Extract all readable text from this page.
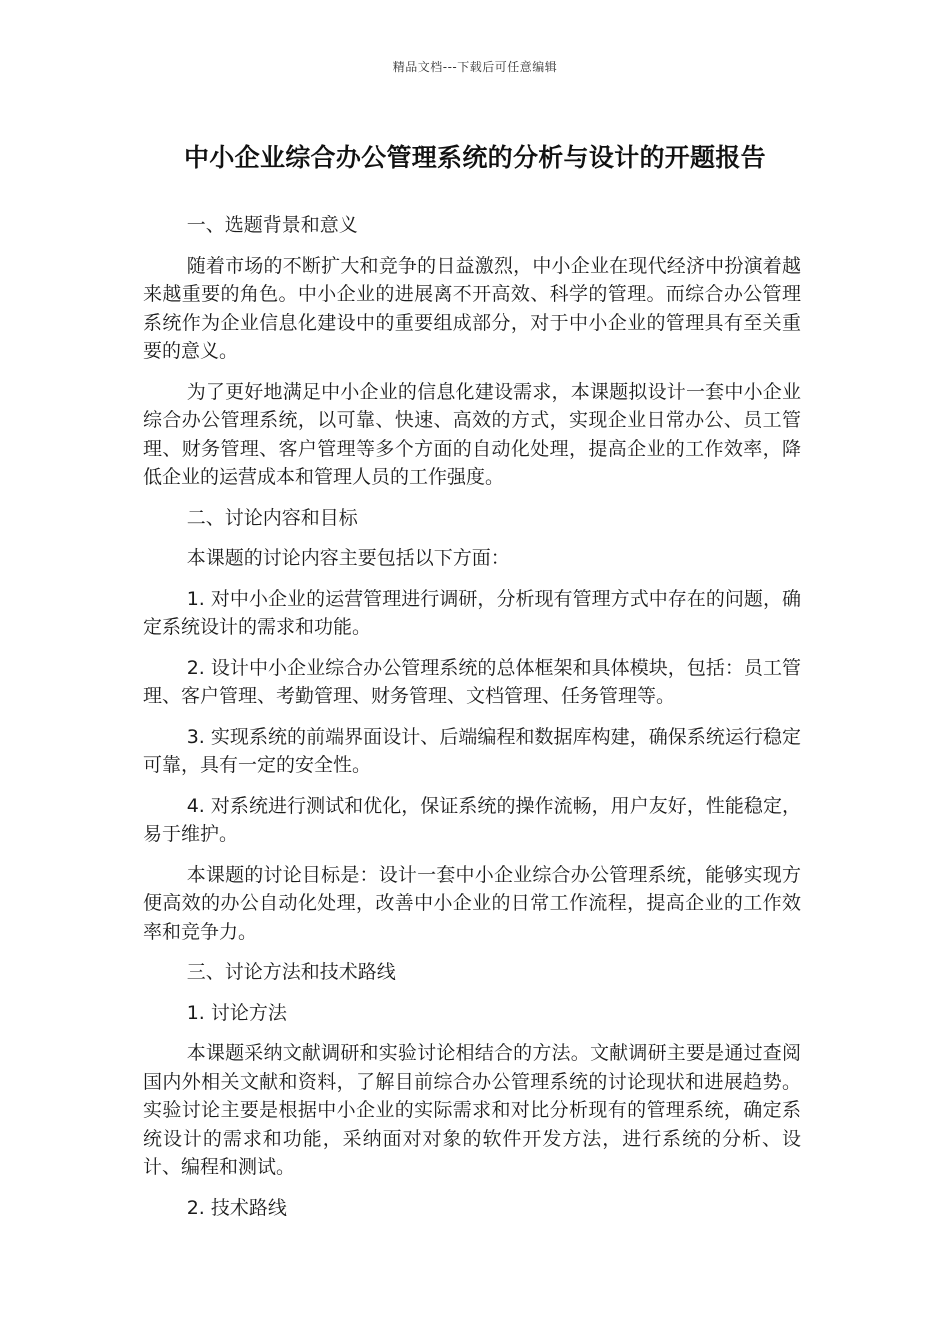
精品文档---下载后可任意编辑
中小企业综合办公管理系统的分析与设计的开题报告

一、选题背景和意义

随着市场的不断扩大和竞争的日益激烈，中小企业在现代经济中扮演着越来越重要的角色。中小企业的进展离不开高效、科学的管理。而综合办公管理系统作为企业信息化建设中的重要组成部分，对于中小企业的管理具有至关重要的意义。

为了更好地满足中小企业的信息化建设需求，本课题拟设计一套中小企业综合办公管理系统，以可靠、快速、高效的方式，实现企业日常办公、员工管理、财务管理、客户管理等多个方面的自动化处理，提高企业的工作效率，降低企业的运营成本和管理人员的工作强度。

二、讨论内容和目标

本课题的讨论内容主要包括以下方面：

1. 对中小企业的运营管理进行调研，分析现有管理方式中存在的问题，确定系统设计的需求和功能。

2. 设计中小企业综合办公管理系统的总体框架和具体模块，包括：员工管理、客户管理、考勤管理、财务管理、文档管理、任务管理等。

3. 实现系统的前端界面设计、后端编程和数据库构建，确保系统运行稳定可靠，具有一定的安全性。

4. 对系统进行测试和优化，保证系统的操作流畅，用户友好，性能稳定，易于维护。

本课题的讨论目标是：设计一套中小企业综合办公管理系统，能够实现方便高效的办公自动化处理，改善中小企业的日常工作流程，提高企业的工作效率和竞争力。

三、讨论方法和技术路线

1. 讨论方法

本课题采纳文献调研和实验讨论相结合的方法。文献调研主要是通过查阅国内外相关文献和资料，了解目前综合办公管理系统的讨论现状和进展趋势。实验讨论主要是根据中小企业的实际需求和对比分析现有的管理系统，确定系统设计的需求和功能，采纳面对对象的软件开发方法，进行系统的分析、设计、编程和测试。

2. 技术路线
